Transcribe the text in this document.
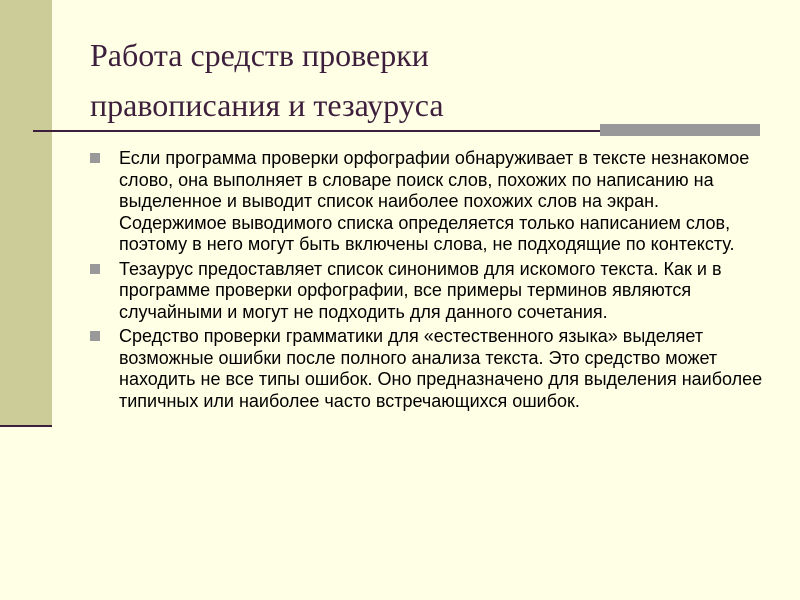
Работа средств проверки
правописания и тезауруса
Если программа проверки орфографии обнаруживает в тексте незнакомое слово, она выполняет в словаре поиск слов, похожих по написанию на выделенное и выводит список наиболее похожих слов на экран. Содержимое выводимого списка определяется только написанием слов, поэтому в него могут быть включены слова, не подходящие по контексту.
Тезаурус предоставляет список синонимов для искомого текста. Как и в программе проверки орфографии, все примеры терминов являются случайными и могут не подходить для данного сочетания.
Средство проверки грамматики для «естественного языка» выделяет возможные ошибки после полного анализа текста. Это средство может находить не все типы ошибок. Оно предназначено для выделения наиболее типичных или наиболее часто встречающихся ошибок.
